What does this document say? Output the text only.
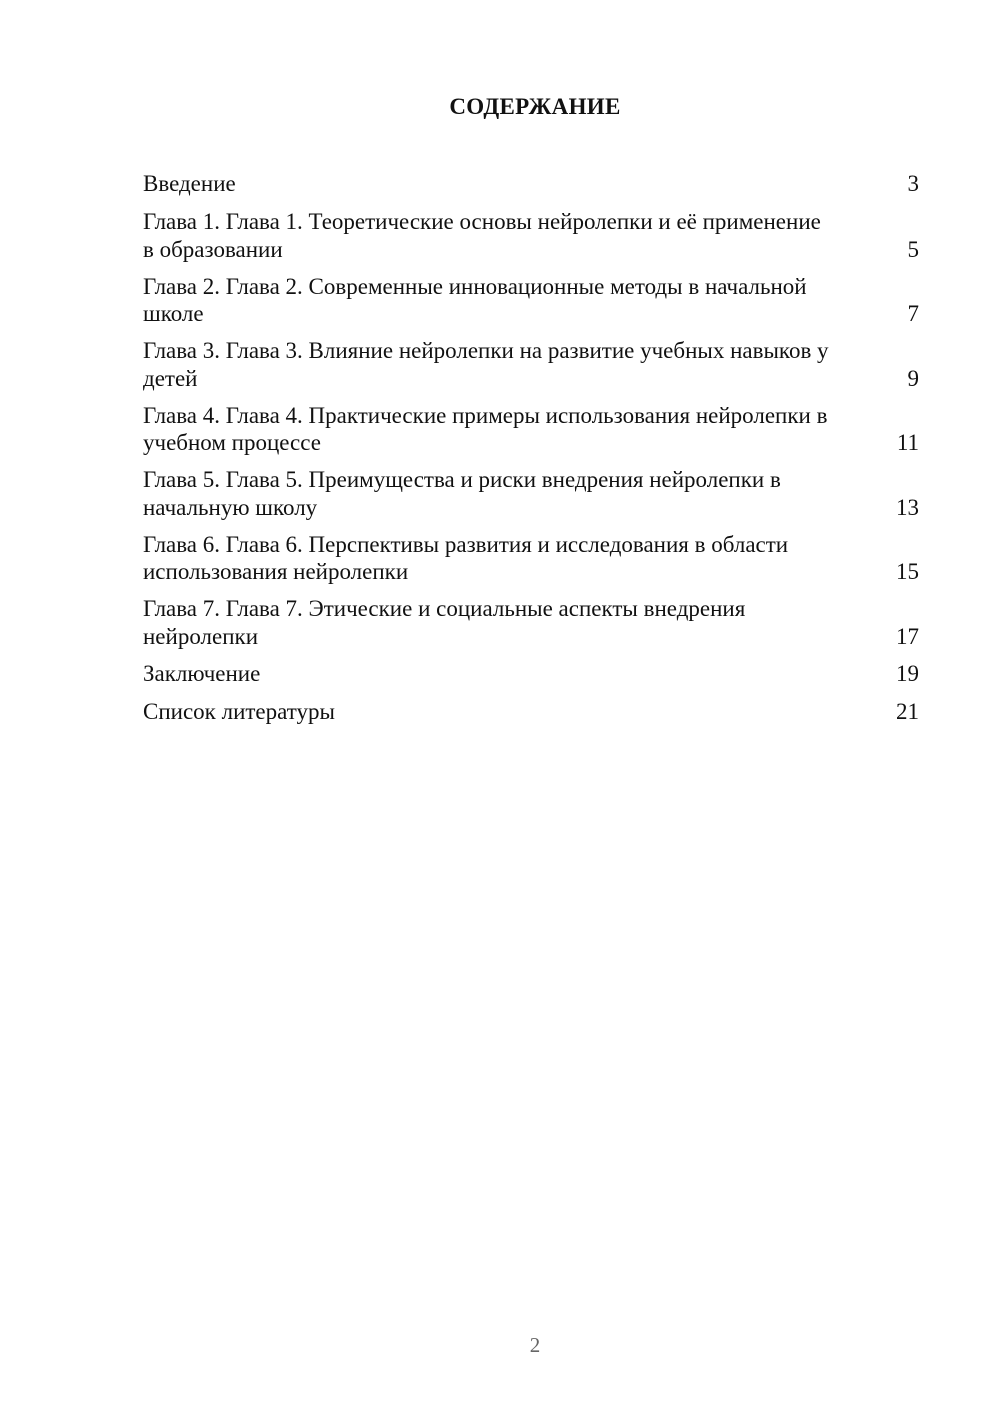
СОДЕРЖАНИЕ
Введение	3
Глава 1. Глава 1. Теоретические основы нейролепки и её применение в образовании	5
Глава 2. Глава 2. Современные инновационные методы в начальной школе	7
Глава 3. Глава 3. Влияние нейролепки на развитие учебных навыков у детей	9
Глава 4. Глава 4. Практические примеры использования нейролепки в учебном процессе	11
Глава 5. Глава 5. Преимущества и риски внедрения нейролепки в начальную школу	13
Глава 6. Глава 6. Перспективы развития и исследования в области использования нейролепки	15
Глава 7. Глава 7. Этические и социальные аспекты внедрения нейролепки	17
Заключение	19
Список литературы	21
2
